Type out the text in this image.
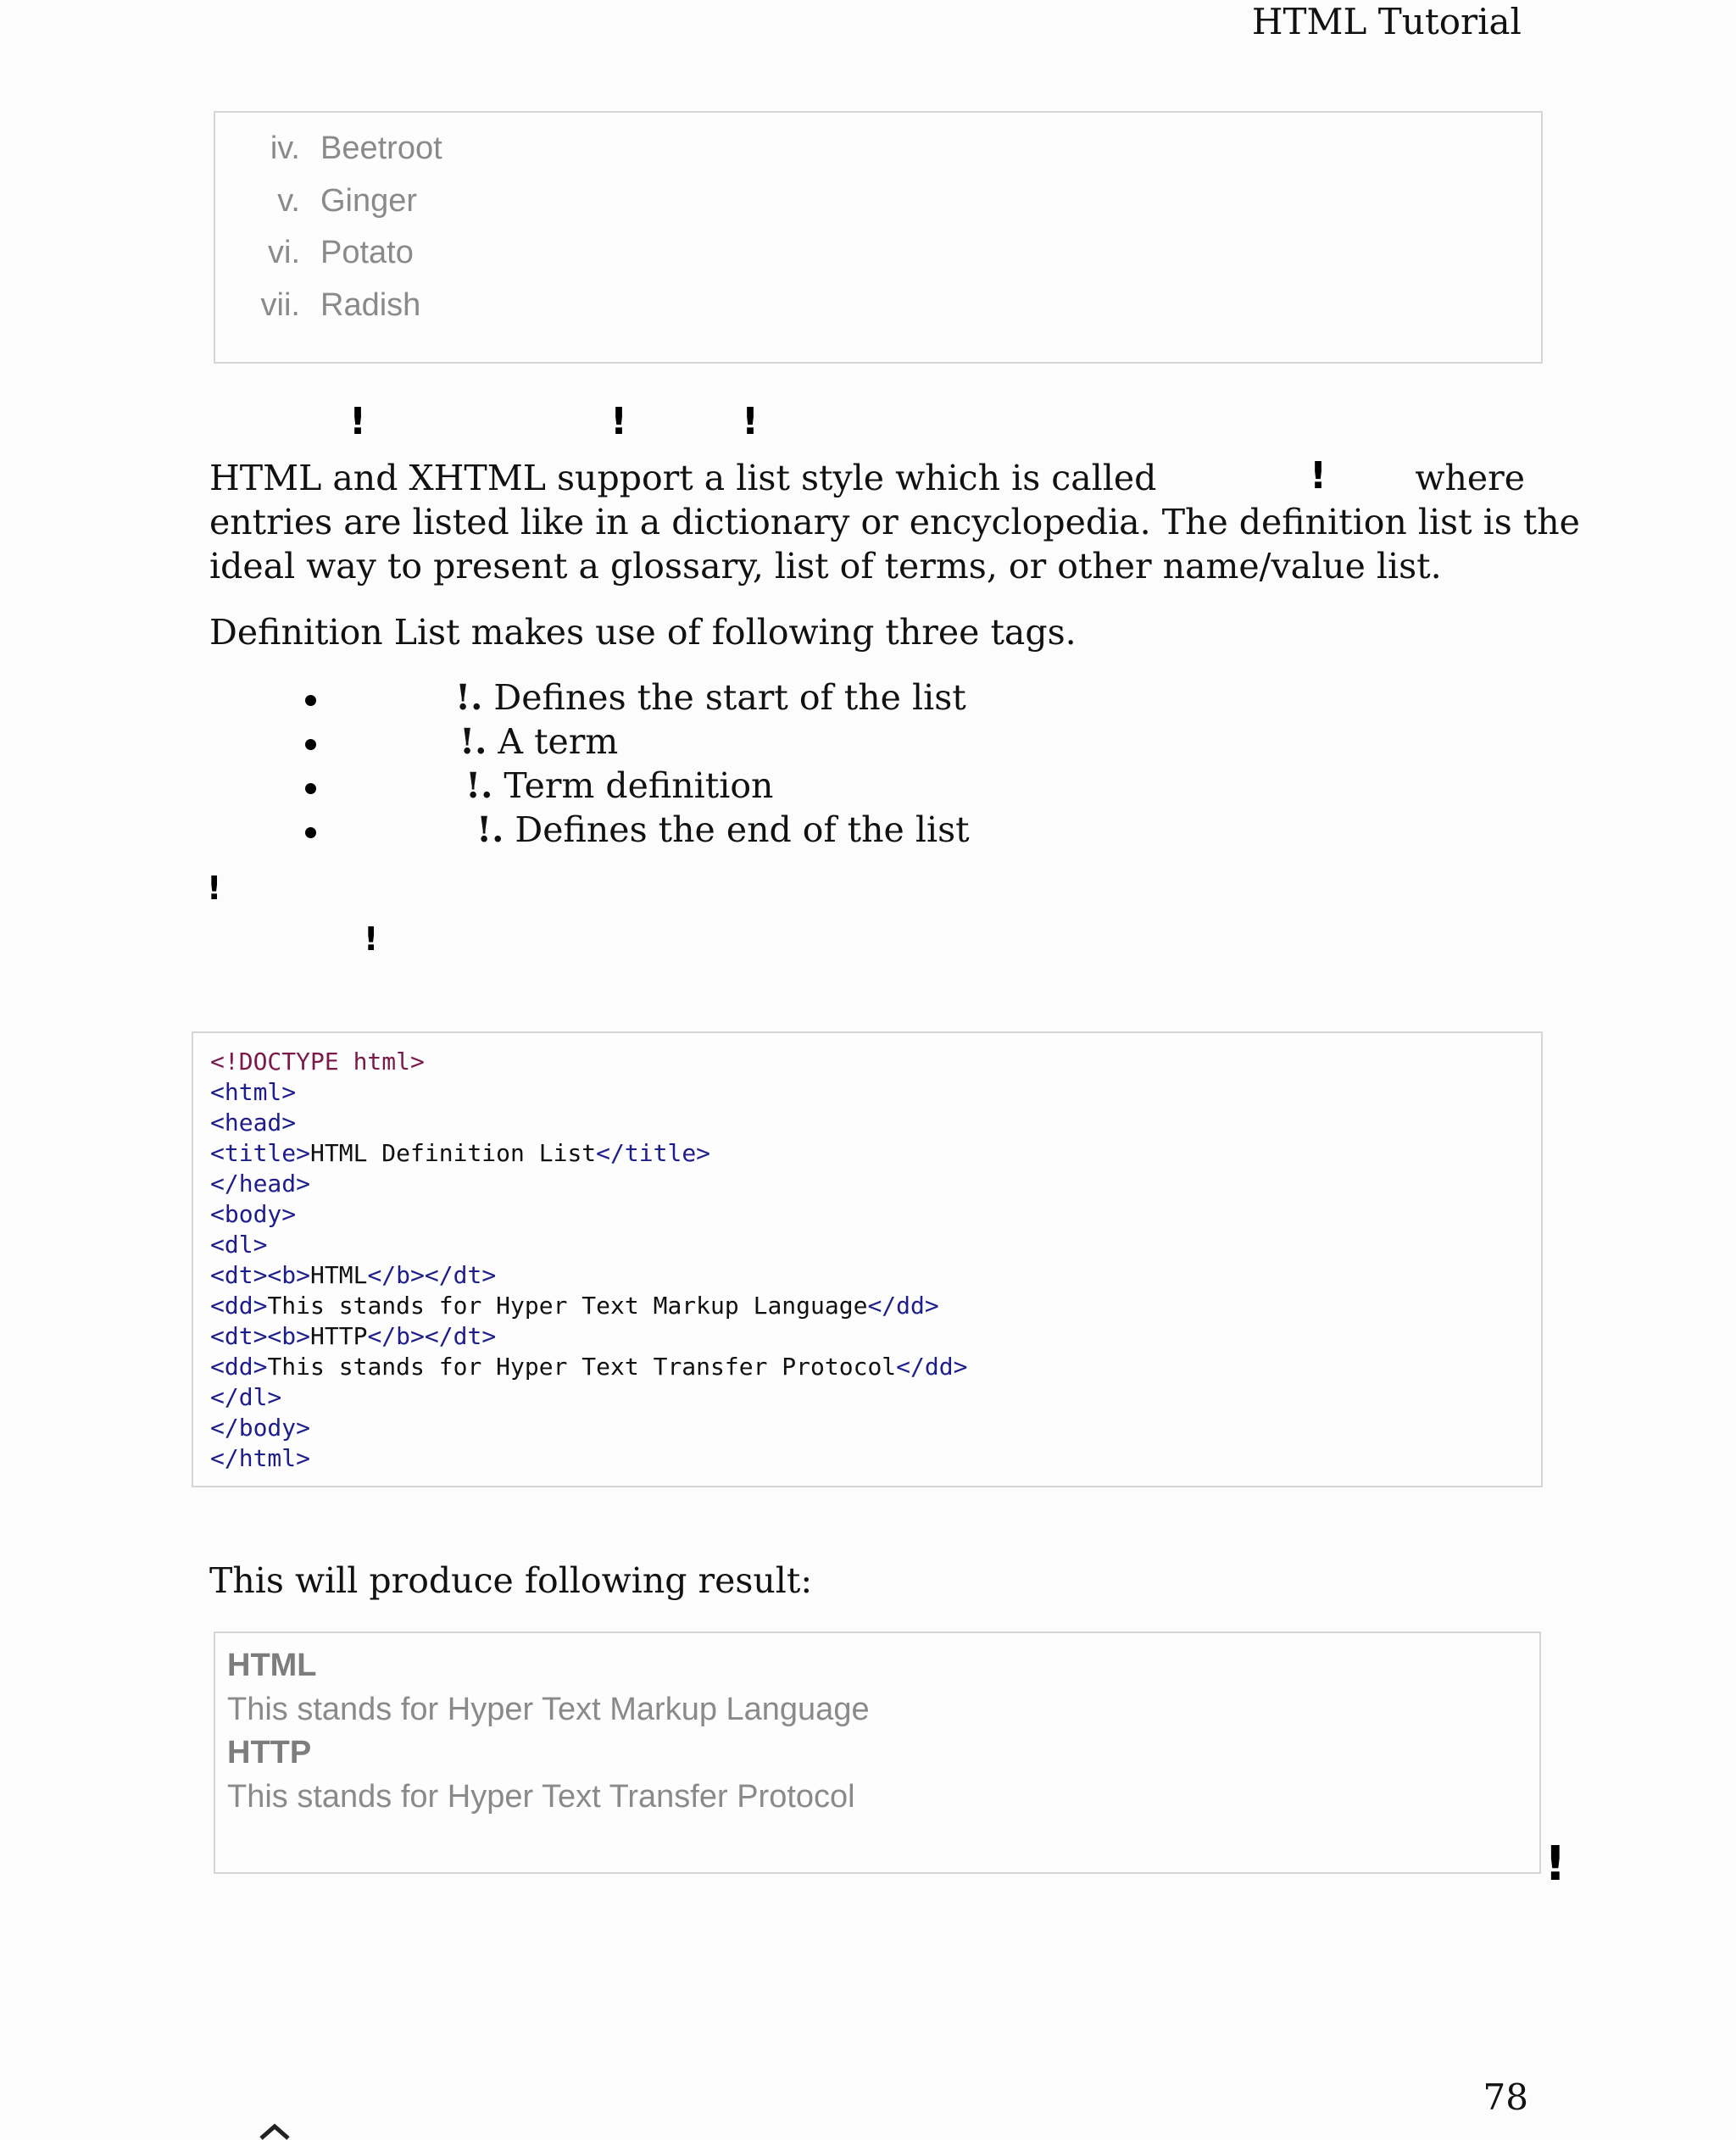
HTML Tutorial
iv. Beetroot
v. Ginger
vi. Potato
vii. Radish
!	!	!
HTML and XHTML support a list style which is called	!	where
entries are listed like in a dictionary or encyclopedia. The definition list is the
ideal way to present a glossary, list of terms, or other name/value list.
Definition List makes use of following three tags.
!. Defines the start of the list
!. A term
!. Term definition
!. Defines the end of the list
!
!
<!DOCTYPE html>
<html>
<head>
<title>HTML Definition List</title>
</head>
<body>
<dl>
<dt><b>HTML</b></dt>
<dd>This stands for Hyper Text Markup Language</dd>
<dt><b>HTTP</b></dt>
<dd>This stands for Hyper Text Transfer Protocol</dd>
</dl>
</body>
</html>
This will produce following result:
HTML
This stands for Hyper Text Markup Language
HTTP
This stands for Hyper Text Transfer Protocol
!
78
